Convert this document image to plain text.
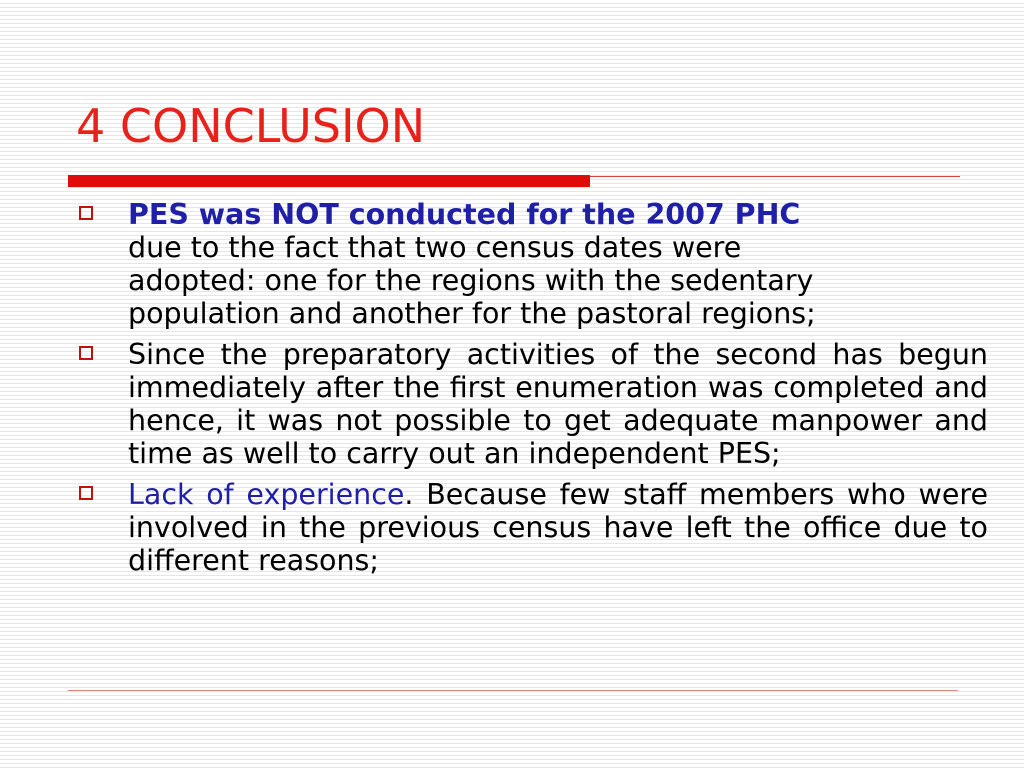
4 CONCLUSION
PES was NOT conducted for the 2007 PHC
due to the fact that two census dates were
adopted: one for the regions with the sedentary
population and another for the pastoral regions;
Since the preparatory activities of the second has begun immediately after the first enumeration was completed and hence, it was not possible to get adequate manpower and time as well to carry out an independent PES;
Lack of experience. Because few staff members who were involved in the previous census have left the office due to different reasons;
